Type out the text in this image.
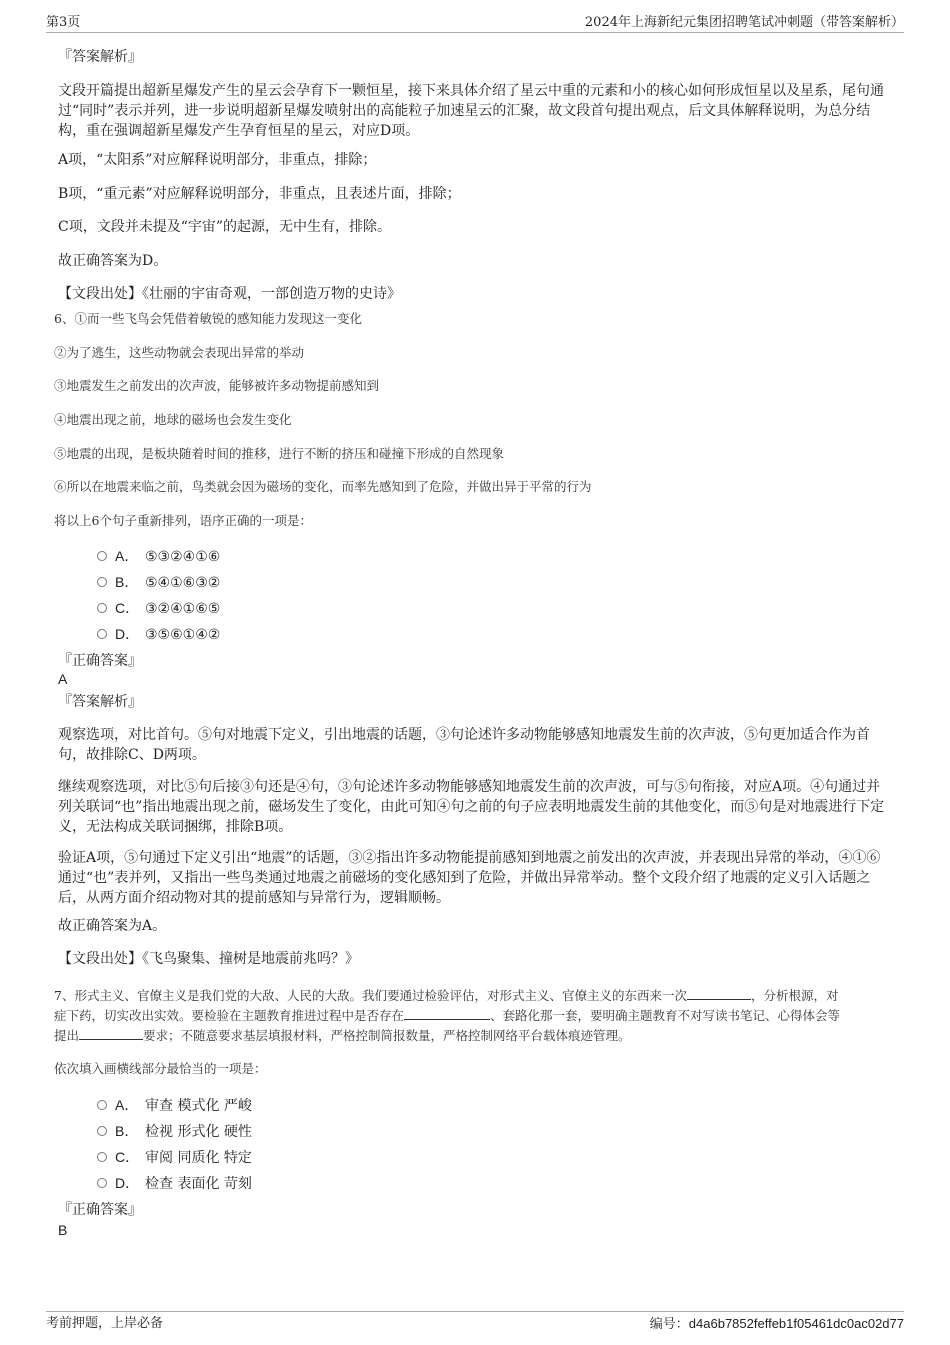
第3页	2024年上海新纪元集团招聘笔试冲刺题（带答案解析）
『答案解析』

文段开篇提出超新星爆发产生的星云会孕育下一颗恒星，接下来具体介绍了星云中重的元素和小的核心如何形成恒星以及星系，尾句通过“同时”表示并列，进一步说明超新星爆发喷射出的高能粒子加速星云的汇聚，故文段首句提出观点，后文具体解释说明，为总分结构，重在强调超新星爆发产生孕育恒星的星云，对应D项。

A项，“太阳系”对应解释说明部分，非重点，排除；

B项，“重元素”对应解释说明部分，非重点，且表述片面，排除；

C项，文段并未提及“宇宙”的起源，无中生有，排除。

故正确答案为D。

【文段出处】《壮丽的宇宙奇观，一部创造万物的史诗》

6、①而一些飞鸟会凭借着敏锐的感知能力发现这一变化

②为了逃生，这些动物就会表现出异常的举动

③地震发生之前发出的次声波，能够被许多动物提前感知到

④地震出现之前，地球的磁场也会发生变化

⑤地震的出现，是板块随着时间的推移，进行不断的挤压和碰撞下形成的自然现象

⑥所以在地震来临之前，鸟类就会因为磁场的变化，而率先感知到了危险，并做出异于平常的行为

将以上6个句子重新排列，语序正确的一项是：

A． ⑤③②④①⑥
B． ⑤④①⑥③②
C． ③②④①⑥⑤
D． ③⑤⑥①④②
『正确答案』
A
『答案解析』

观察选项，对比首句。⑤句对地震下定义，引出地震的话题，③句论述许多动物能够感知地震发生前的次声波，⑤句更加适合作为首句，故排除C、D两项。

继续观察选项，对比⑤句后接③句还是④句，③句论述许多动物能够感知地震发生前的次声波，可与⑤句衔接，对应A项。④句通过并列关联词“也”指出地震出现之前，磁场发生了变化，由此可知④句之前的句子应表明地震发生前的其他变化，而⑤句是对地震进行下定义，无法构成关联词捆绑，排除B项。

验证A项，⑤句通过下定义引出“地震”的话题，③②指出许多动物能提前感知到地震之前发出的次声波，并表现出异常的举动，④①⑥通过“也”表并列，又指出一些鸟类通过地震之前磁场的变化感知到了危险，并做出异常举动。整个文段介绍了地震的定义引入话题之后，从两方面介绍动物对其的提前感知与异常行为，逻辑顺畅。

故正确答案为A。

【文段出处】《飞鸟聚集、撞树是地震前兆吗？》

7、形式主义、官僚主义是我们党的大敌、人民的大敌。我们要通过检验评估，对形式主义、官僚主义的东西来一次	，分析根源，对

症下药，切实改出实效。要检验在主题教育推进过程中是否存在	、套路化那一套，要明确主题教育不对写读书笔记、心得体会等

提出	要求；不随意要求基层填报材料，严格控制简报数量，严格控制网络平台载体痕迹管理。

依次填入画横线部分最恰当的一项是：

A． 审查 模式化 严峻
B． 检视 形式化 硬性
C． 审阅 同质化 特定
D． 检查 表面化 苛刻
『正确答案』
B
考前押题，上岸必备	编号：d4a6b7852feffeb1f05461dc0ac02d77
